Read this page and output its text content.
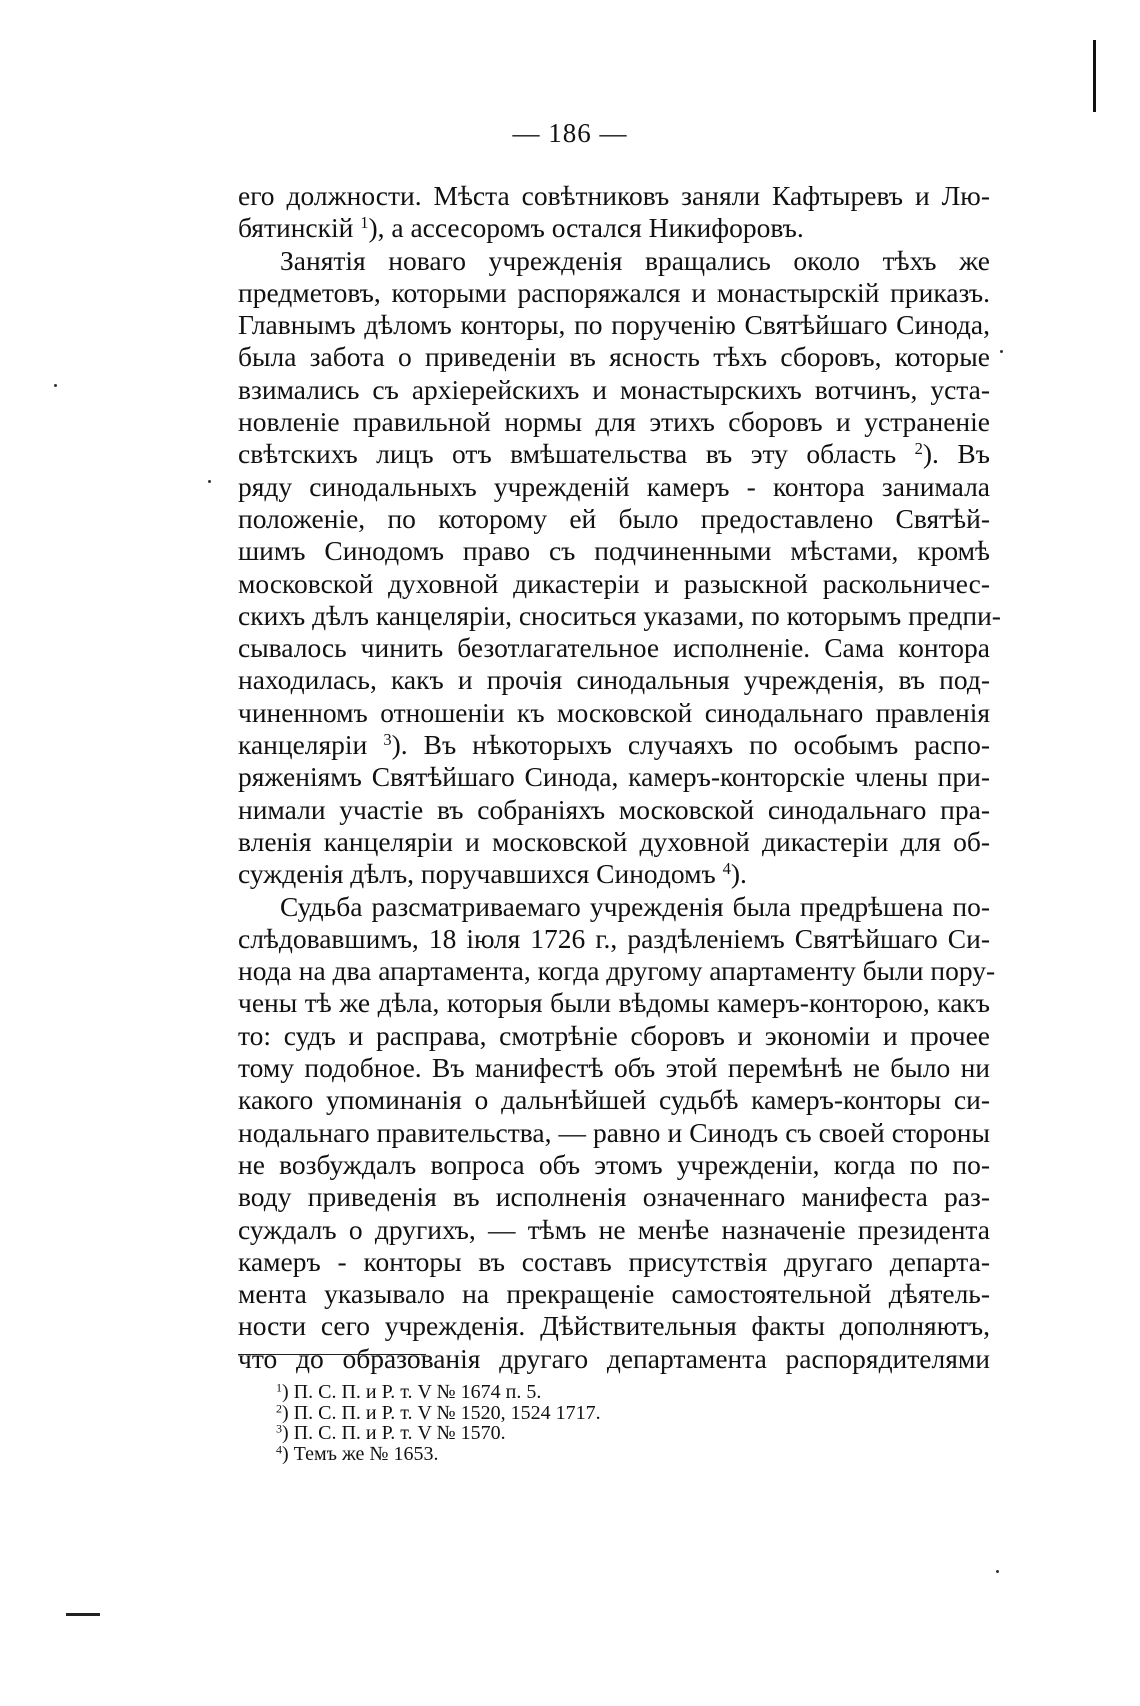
— 186 —
его должности. Мѣста совѣтниковъ заняли Кафтыревъ и Лю-
бятинскій $^1$), а ассесоромъ остался Никифоровъ.
Занятія новаго учрежденія вращались около тѣхъ же
предметовъ, которыми распоряжался и монастырскій приказъ.
Главнымъ дѣломъ конторы, по порученію Святѣйшаго Синода,
была забота о приведеніи въ ясность тѣхъ сборовъ, которые
взимались съ архіерейскихъ и монастырскихъ вотчинъ, уста-
новленіе правильной нормы для этихъ сборовъ и устраненіе
свѣтскихъ лицъ отъ вмѣшательства въ эту область $^2$). Въ
ряду синодальныхъ учрежденій камеръ - контора занимала
положеніе, по которому ей было предоставлено Святѣй-
шимъ Синодомъ право съ подчиненными мѣстами, кромѣ
московской духовной дикастеріи и разыскной раскольничес-
скихъ дѣлъ канцеляріи, сноситься указами, по которымъ предпи-
сывалось чинить безотлагательное исполненіе. Сама контора
находилась, какъ и прочія синодальныя учрежденія, въ под-
чиненномъ отношеніи къ московской синодальнаго правленія
канцеляріи $^3$). Въ нѣкоторыхъ случаяхъ по особымъ распо-
ряженіямъ Святѣйшаго Синода, камеръ-конторскіе члены при-
нимали участіе въ собраніяхъ московской синодальнаго пра-
вленія канцеляріи и московской духовной дикастеріи для об-
сужденія дѣлъ, поручавшихся Синодомъ $^4$).
Судьба разсматриваемаго учрежденія была предрѣшена по-
слѣдовавшимъ, 18 іюля 1726 г., раздѣленіемъ Святѣйшаго Си-
нода на два апартамента, когда другому апартаменту были пору-
чены тѣ же дѣла, которыя были вѣдомы камеръ-конторою, какъ
то: судъ и расправа, смотрѣніе сборовъ и экономіи и прочее
тому подобное. Въ манифестѣ объ этой перемѣнѣ не было ни
какого упоминанія о дальнѣйшей судьбѣ камеръ-конторы си-
нодальнаго правительства, — равно и Синодъ съ своей стороны
не возбуждалъ вопроса объ этомъ учрежденіи, когда по по-
воду приведенія въ исполненія означеннаго манифеста раз-
суждалъ о другихъ, — тѣмъ не менѣе назначеніе президента
камеръ - конторы въ составъ присутствія другаго департа-
мента указывало на прекращеніе самостоятельной дѣятель-
ности сего учрежденія. Дѣйствительныя факты дополняютъ,
что до образованія другаго департамента распорядителями
$^1$) П. С. П. и Р. т. V № 1674 п. 5.
$^2$) П. С. П. и Р. т. V № 1520, 1524 1717.
$^3$) П. С. П. и Р. т. V № 1570.
$^4$) Темъ же № 1653.
